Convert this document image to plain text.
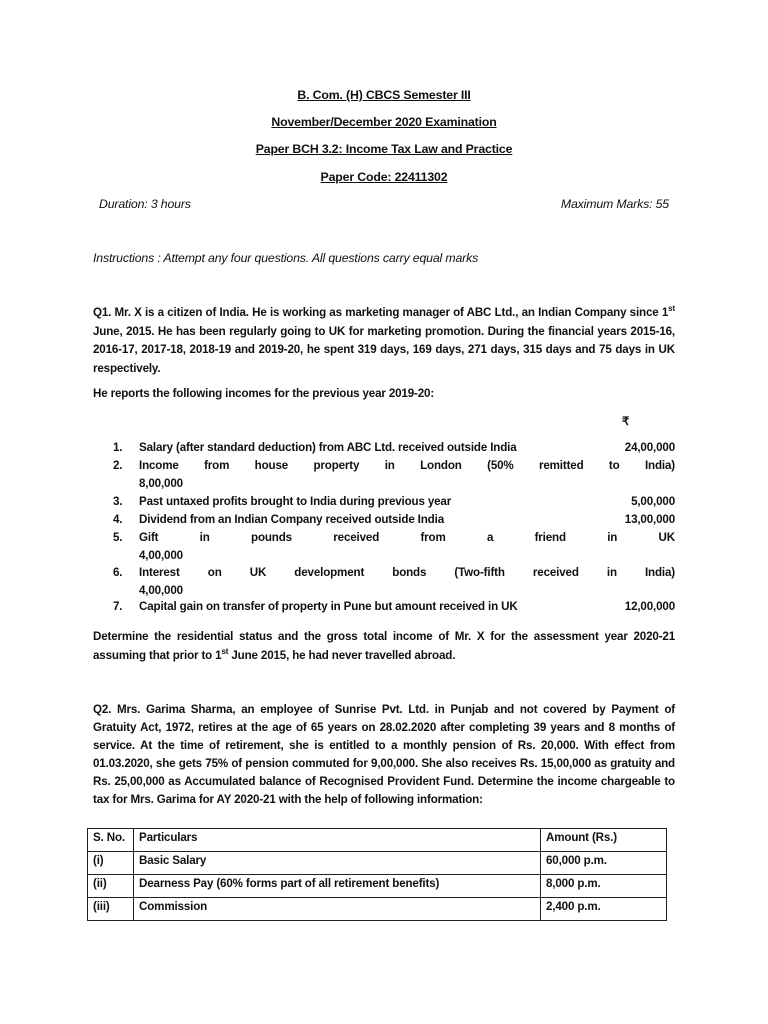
B. Com. (H) CBCS Semester III
November/December 2020 Examination
Paper BCH 3.2: Income Tax Law and Practice
Paper Code: 22411302
Duration: 3 hours	Maximum Marks: 55
Instructions : Attempt any four questions. All questions carry equal marks
Q1. Mr. X is a citizen of India. He is working as marketing manager of ABC Ltd., an Indian Company since 1st June, 2015. He has been regularly going to UK for marketing promotion. During the financial years 2015-16, 2016-17, 2017-18, 2018-19 and 2019-20, he spent 319 days, 169 days, 271 days, 315 days and 75 days in UK respectively.
He reports the following incomes for the previous year 2019-20:
₹
1.	Salary (after standard deduction) from ABC Ltd. received outside India	24,00,000
2.	Income from house property in London (50% remitted to India)
8,00,000
3.	Past untaxed profits brought to India during previous year	5,00,000
4.	Dividend from an Indian Company received outside India	13,00,000
5.	Gift in pounds received from a friend in UK
4,00,000
6.	Interest on UK development bonds (Two-fifth received in India)
4,00,000
7.	Capital gain on transfer of property in Pune but amount received in UK	12,00,000
Determine the residential status and the gross total income of Mr. X for the assessment year 2020-21 assuming that prior to 1st June 2015, he had never travelled abroad.
Q2. Mrs. Garima Sharma, an employee of Sunrise Pvt. Ltd. in Punjab and not covered by Payment of Gratuity Act, 1972, retires at the age of 65 years on 28.02.2020 after completing 39 years and 8 months of service. At the time of retirement, she is entitled to a monthly pension of Rs. 20,000. With effect from 01.03.2020, she gets 75% of pension commuted for 9,00,000. She also receives Rs. 15,00,000 as gratuity and Rs. 25,00,000 as Accumulated balance of Recognised Provident Fund. Determine the income chargeable to tax for Mrs. Garima for AY 2020-21 with the help of following information:
S. No.	Particulars	Amount (Rs.)
(i)	Basic Salary	60,000 p.m.
(ii)	Dearness Pay (60% forms part of all retirement benefits)	8,000 p.m.
(iii)	Commission	2,400 p.m.
